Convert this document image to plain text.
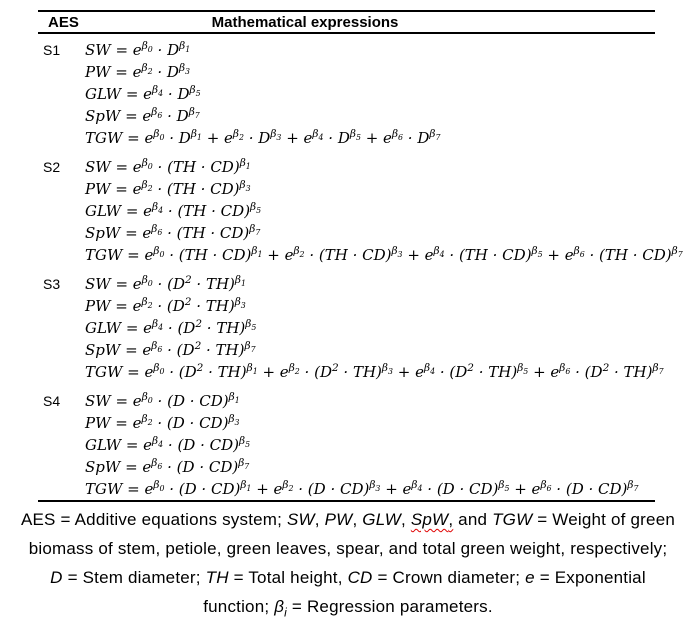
AES	Mathematical expressions
S1	SW = $e^{\beta_0} \cdot D^{\beta_1}$
PW = $e^{\beta_2} \cdot D^{\beta_3}$
GLW = $e^{\beta_4} \cdot D^{\beta_5}$
SpW = $e^{\beta_6} \cdot D^{\beta_7}$
TGW = $e^{\beta_0} \cdot D^{\beta_1} + e^{\beta_2} \cdot D^{\beta_3} + e^{\beta_4} \cdot D^{\beta_5} + e^{\beta_6} \cdot D^{\beta_7}$
S2	SW = $e^{\beta_0} \cdot (TH \cdot CD)^{\beta_1}$
PW = $e^{\beta_2} \cdot (TH \cdot CD)^{\beta_3}$
GLW = $e^{\beta_4} \cdot (TH \cdot CD)^{\beta_5}$
SpW = $e^{\beta_6} \cdot (TH \cdot CD)^{\beta_7}$
TGW = $e^{\beta_0} \cdot (TH \cdot CD)^{\beta_1} + e^{\beta_2} \cdot (TH \cdot CD)^{\beta_3} + e^{\beta_4} \cdot (TH \cdot CD)^{\beta_5} + e^{\beta_6} \cdot (TH \cdot CD)^{\beta_7}$
S3	SW = $e^{\beta_0} \cdot (D^2 \cdot TH)^{\beta_1}$
PW = $e^{\beta_2} \cdot (D^2 \cdot TH)^{\beta_3}$
GLW = $e^{\beta_4} \cdot (D^2 \cdot TH)^{\beta_5}$
SpW = $e^{\beta_6} \cdot (D^2 \cdot TH)^{\beta_7}$
TGW = $e^{\beta_0} \cdot (D^2 \cdot TH)^{\beta_1} + e^{\beta_2} \cdot (D^2 \cdot TH)^{\beta_3} + e^{\beta_4} \cdot (D^2 \cdot TH)^{\beta_5} + e^{\beta_6} \cdot (D^2 \cdot TH)^{\beta_7}$
S4	SW = $e^{\beta_0} \cdot (D \cdot CD)^{\beta_1}$
PW = $e^{\beta_2} \cdot (D \cdot CD)^{\beta_3}$
GLW = $e^{\beta_4} \cdot (D \cdot CD)^{\beta_5}$
SpW = $e^{\beta_6} \cdot (D \cdot CD)^{\beta_7}$
TGW = $e^{\beta_0} \cdot (D \cdot CD)^{\beta_1} + e^{\beta_2} \cdot (D \cdot CD)^{\beta_3} + e^{\beta_4} \cdot (D \cdot CD)^{\beta_5} + e^{\beta_6} \cdot (D \cdot CD)^{\beta_7}$
AES = Additive equations system; SW, PW, GLW, SpW, and TGW = Weight of green
biomass of stem, petiole, green leaves, spear, and total green weight, respectively;
D = Stem diameter; TH = Total height, CD = Crown diameter; e = Exponential
function; $\beta_i$ = Regression parameters.
